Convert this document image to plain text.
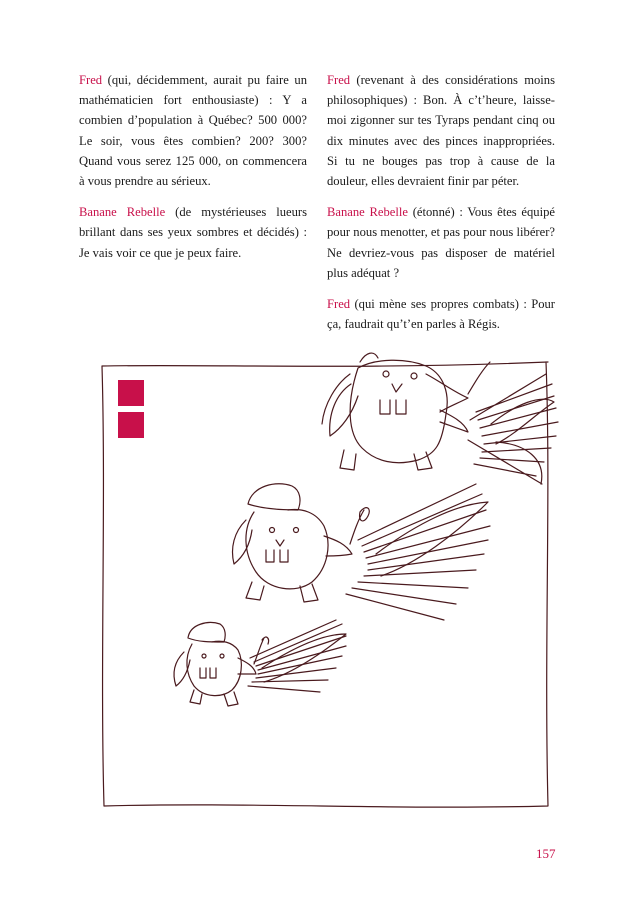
Fred (qui, décidemment, aurait pu faire un mathématicien fort enthousiaste) : Y a combien d’population à Québec? 500 000? Le soir, vous êtes combien? 200? 300? Quand vous serez 125 000, on commencera à vous prendre au sérieux.

Banane Rebelle (de mystérieuses lueurs brillant dans ses yeux sombres et décidés) : Je vais voir ce que je peux faire.

Fred (revenant à des considérations moins philosophiques) : Bon. À c’t’heure, laisse-moi zigonner sur tes Tyraps pendant cinq ou dix minutes avec des pinces inappropriées. Si tu ne bouges pas trop à cause de la douleur, elles devraient finir par péter.

Banane Rebelle (étonné) : Vous êtes équipé pour nous menotter, et pas pour nous libérer? Ne devriez-vous pas disposer de matériel plus adéquat ?

Fred (qui mène ses propres combats) : Pour ça, faudrait qu’t’en parles à Régis.

157
